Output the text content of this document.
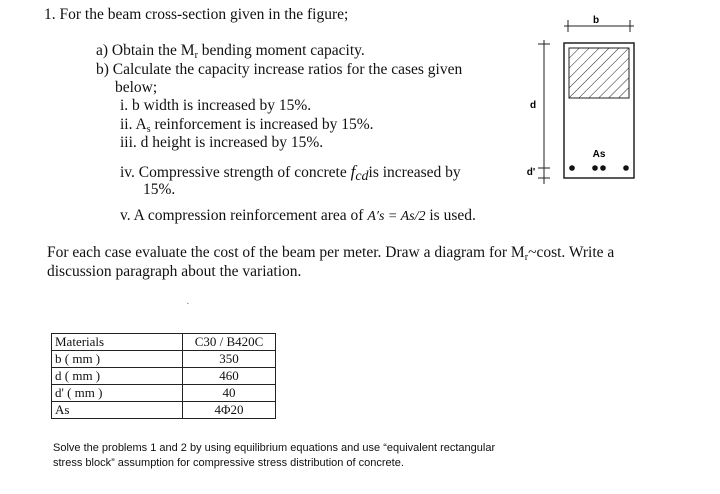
1. For the beam cross-section given in the figure;
a) Obtain the $M_r$ bending moment capacity.
b) Calculate the capacity increase ratios for the cases given
below;
i. b width is increased by 15%.
ii. $A_s$ reinforcement is increased by 15%.
iii. d height is increased by 15%.
iv. Compressive strength of concrete fcdis increased by
15%.
v. A compression reinforcement area of A′s = As/2 is used.
For each case evaluate the cost of the beam per meter. Draw a diagram for $M_r\sim\cos t$. Write a
discussion paragraph about the variation.
·
b
d
d'
As
Materials	C30 / B420C
b ( mm )	350
d ( mm )	460
d' ( mm )	40
As	4Φ20
Solve the problems 1 and 2 by using equilibrium equations and use “equivalent rectangular
stress block” assumption for compressive stress distribution of concrete.
